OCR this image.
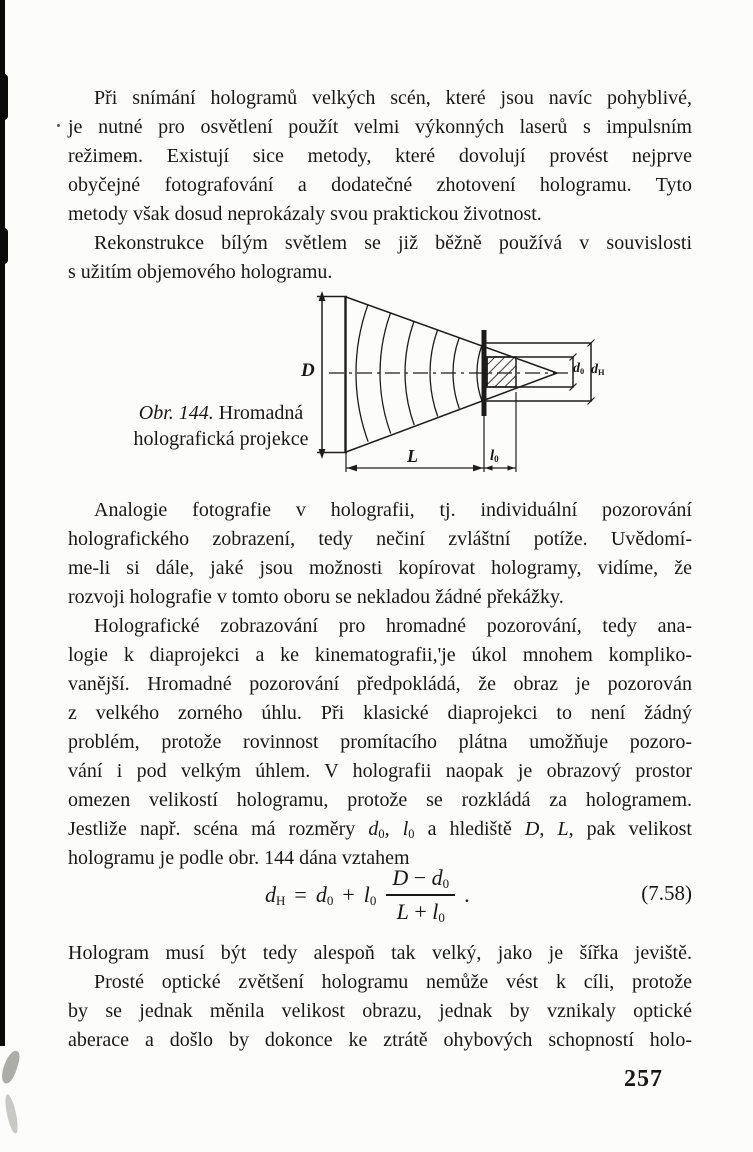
Při snímání hologramů velkých scén, které jsou navíc pohyblivé,
je nutné pro osvětlení použít velmi výkonných laserů s impulsním
režimem. Existují sice metody, které dovolují provést nejprve
obyčejné fotografování a dodatečné zhotovení hologramu. Tyto
metody však dosud neprokázaly svou praktickou životnost.
Rekonstrukce bílým světlem se již běžně používá v souvislosti
s užitím objemového hologramu.
Obr. 144. Hromadná
holografická projekce
D
L	$l_0$
$d_0$ $d_H$
Analogie fotografie v holografii, tj. individuální pozorování
holografického zobrazení, tedy nečiní zvláštní potíže. Uvědomí-
me-li si dále, jaké jsou možnosti kopírovat hologramy, vidíme, že
rozvoji holografie v tomto oboru se nekladou žádné překážky.
Holografické zobrazování pro hromadné pozorování, tedy ana-
logie k diaprojekci a ke kinematografii,'je úkol mnohem kompliko-
vanější. Hromadné pozorování předpokládá, že obraz je pozorován
z velkého zorného úhlu. Při klasické diaprojekci to není žádný
problém, protože rovinnost promítacího plátna umožňuje pozoro-
vání i pod velkým úhlem. V holografii naopak je obrazový prostor
omezen velikostí hologramu, protože se rozkládá za hologramem.
Jestliže např. scéna má rozměry $d_0$, $l_0$ a hlediště D, L, pak velikost
hologramu je podle obr. 144 dána vztahem
$d_H = d_0 + l_0 \frac{D - d_0}{L + l_0}$ .	(7.58)
Hologram musí být tedy alespoň tak velký, jako je šířka jeviště.
Prosté optické zvětšení hologramu nemůže vést k cíli, protože
by se jednak měnila velikost obrazu, jednak by vznikaly optické
aberace a došlo by dokonce ke ztrátě ohybových schopností holo-
257
